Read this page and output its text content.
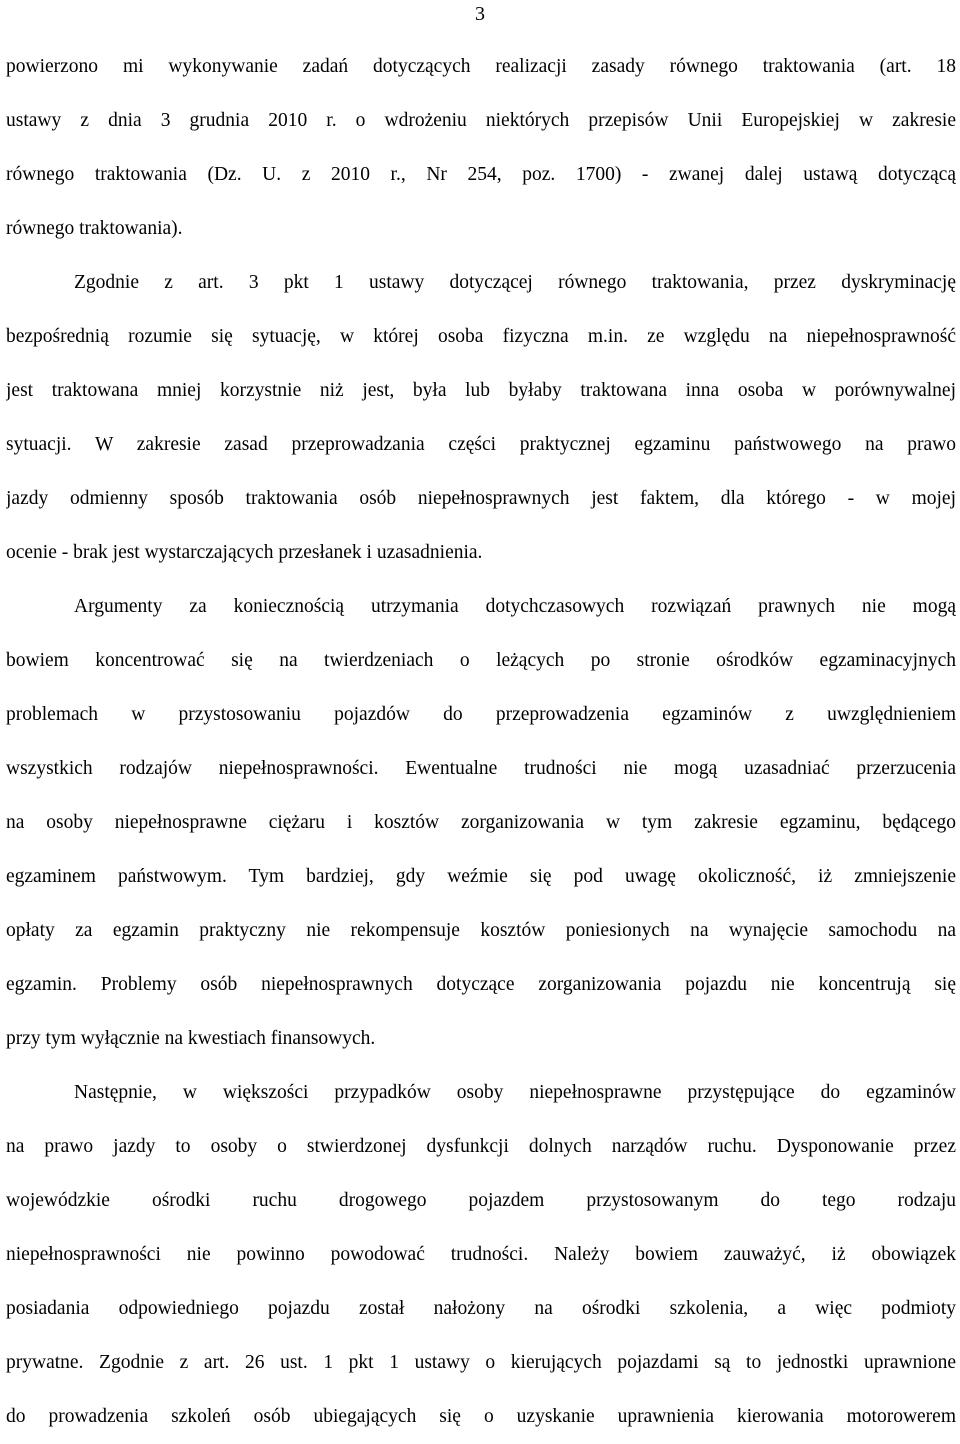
3
powierzono mi wykonywanie zadań dotyczących realizacji zasady równego traktowania (art. 18
ustawy z dnia 3 grudnia 2010 r. o wdrożeniu niektórych przepisów Unii Europejskiej w zakresie
równego traktowania (Dz. U. z 2010 r., Nr 254, poz. 1700) - zwanej dalej ustawą dotyczącą
równego traktowania).
Zgodnie z art. 3 pkt 1 ustawy dotyczącej równego traktowania, przez dyskryminację
bezpośrednią rozumie się sytuację, w której osoba fizyczna m.in. ze względu na niepełnosprawność
jest traktowana mniej korzystnie niż jest, była lub byłaby traktowana inna osoba w porównywalnej
sytuacji. W zakresie zasad przeprowadzania części praktycznej egzaminu państwowego na prawo
jazdy odmienny sposób traktowania osób niepełnosprawnych jest faktem, dla którego - w mojej
ocenie - brak jest wystarczających przesłanek i uzasadnienia.
Argumenty za koniecznością utrzymania dotychczasowych rozwiązań prawnych nie mogą
bowiem koncentrować się na twierdzeniach o leżących po stronie ośrodków egzaminacyjnych
problemach w przystosowaniu pojazdów do przeprowadzenia egzaminów z uwzględnieniem
wszystkich rodzajów niepełnosprawności. Ewentualne trudności nie mogą uzasadniać przerzucenia
na osoby niepełnosprawne ciężaru i kosztów zorganizowania w tym zakresie egzaminu, będącego
egzaminem państwowym. Tym bardziej, gdy weźmie się pod uwagę okoliczność, iż zmniejszenie
opłaty za egzamin praktyczny nie rekompensuje kosztów poniesionych na wynajęcie samochodu na
egzamin. Problemy osób niepełnosprawnych dotyczące zorganizowania pojazdu nie koncentrują się
przy tym wyłącznie na kwestiach finansowych.
Następnie, w większości przypadków osoby niepełnosprawne przystępujące do egzaminów
na prawo jazdy to osoby o stwierdzonej dysfunkcji dolnych narządów ruchu. Dysponowanie przez
wojewódzkie ośrodki ruchu drogowego pojazdem przystosowanym do tego rodzaju
niepełnosprawności nie powinno powodować trudności. Należy bowiem zauważyć, iż obowiązek
posiadania odpowiedniego pojazdu został nałożony na ośrodki szkolenia, a więc podmioty
prywatne. Zgodnie z art. 26 ust. 1 pkt 1 ustawy o kierujących pojazdami są to jednostki uprawnione
do prowadzenia szkoleń osób ubiegających się o uzyskanie uprawnienia kierowania motorowerem
